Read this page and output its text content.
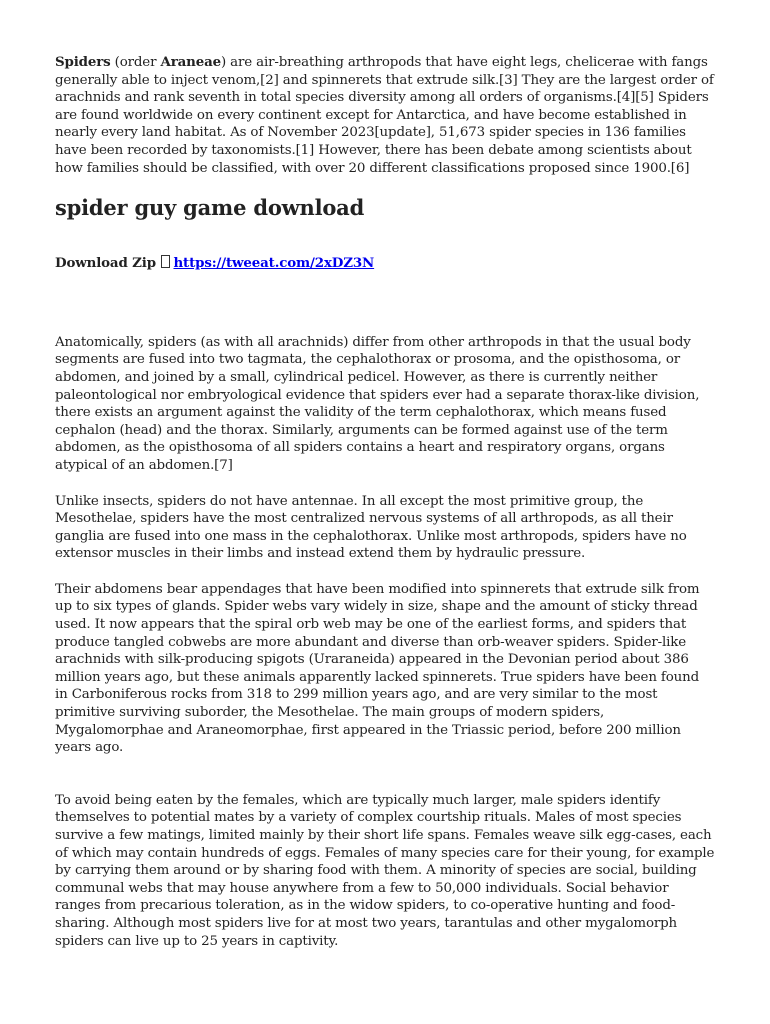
Spiders (order Araneae) are air-breathing arthropods that have eight legs, chelicerae with fangs generally able to inject venom,[2] and spinnerets that extrude silk.[3] They are the largest order of arachnids and rank seventh in total species diversity among all orders of organisms.[4][5] Spiders are found worldwide on every continent except for Antarctica, and have become established in nearly every land habitat. As of November 2023[update], 51,673 spider species in 136 families have been recorded by taxonomists.[1] However, there has been debate among scientists about how families should be classified, with over 20 different classifications proposed since 1900.[6]

spider guy game download

Download Zip https://tweeat.com/2xDZ3N

Anatomically, spiders (as with all arachnids) differ from other arthropods in that the usual body segments are fused into two tagmata, the cephalothorax or prosoma, and the opisthosoma, or abdomen, and joined by a small, cylindrical pedicel. However, as there is currently neither paleontological nor embryological evidence that spiders ever had a separate thorax-like division, there exists an argument against the validity of the term cephalothorax, which means fused cephalon (head) and the thorax. Similarly, arguments can be formed against use of the term abdomen, as the opisthosoma of all spiders contains a heart and respiratory organs, organs atypical of an abdomen.[7]

Unlike insects, spiders do not have antennae. In all except the most primitive group, the Mesothelae, spiders have the most centralized nervous systems of all arthropods, as all their ganglia are fused into one mass in the cephalothorax. Unlike most arthropods, spiders have no extensor muscles in their limbs and instead extend them by hydraulic pressure.

Their abdomens bear appendages that have been modified into spinnerets that extrude silk from up to six types of glands. Spider webs vary widely in size, shape and the amount of sticky thread used. It now appears that the spiral orb web may be one of the earliest forms, and spiders that produce tangled cobwebs are more abundant and diverse than orb-weaver spiders. Spider-like arachnids with silk-producing spigots (Uraraneida) appeared in the Devonian period about 386 million years ago, but these animals apparently lacked spinnerets. True spiders have been found in Carboniferous rocks from 318 to 299 million years ago, and are very similar to the most primitive surviving suborder, the Mesothelae. The main groups of modern spiders, Mygalomorphae and Araneomorphae, first appeared in the Triassic period, before 200 million years ago.

To avoid being eaten by the females, which are typically much larger, male spiders identify themselves to potential mates by a variety of complex courtship rituals. Males of most species survive a few matings, limited mainly by their short life spans. Females weave silk egg-cases, each of which may contain hundreds of eggs. Females of many species care for their young, for example by carrying them around or by sharing food with them. A minority of species are social, building communal webs that may house anywhere from a few to 50,000 individuals. Social behavior ranges from precarious toleration, as in the widow spiders, to co-operative hunting and food-sharing. Although most spiders live for at most two years, tarantulas and other mygalomorph spiders can live up to 25 years in captivity.
